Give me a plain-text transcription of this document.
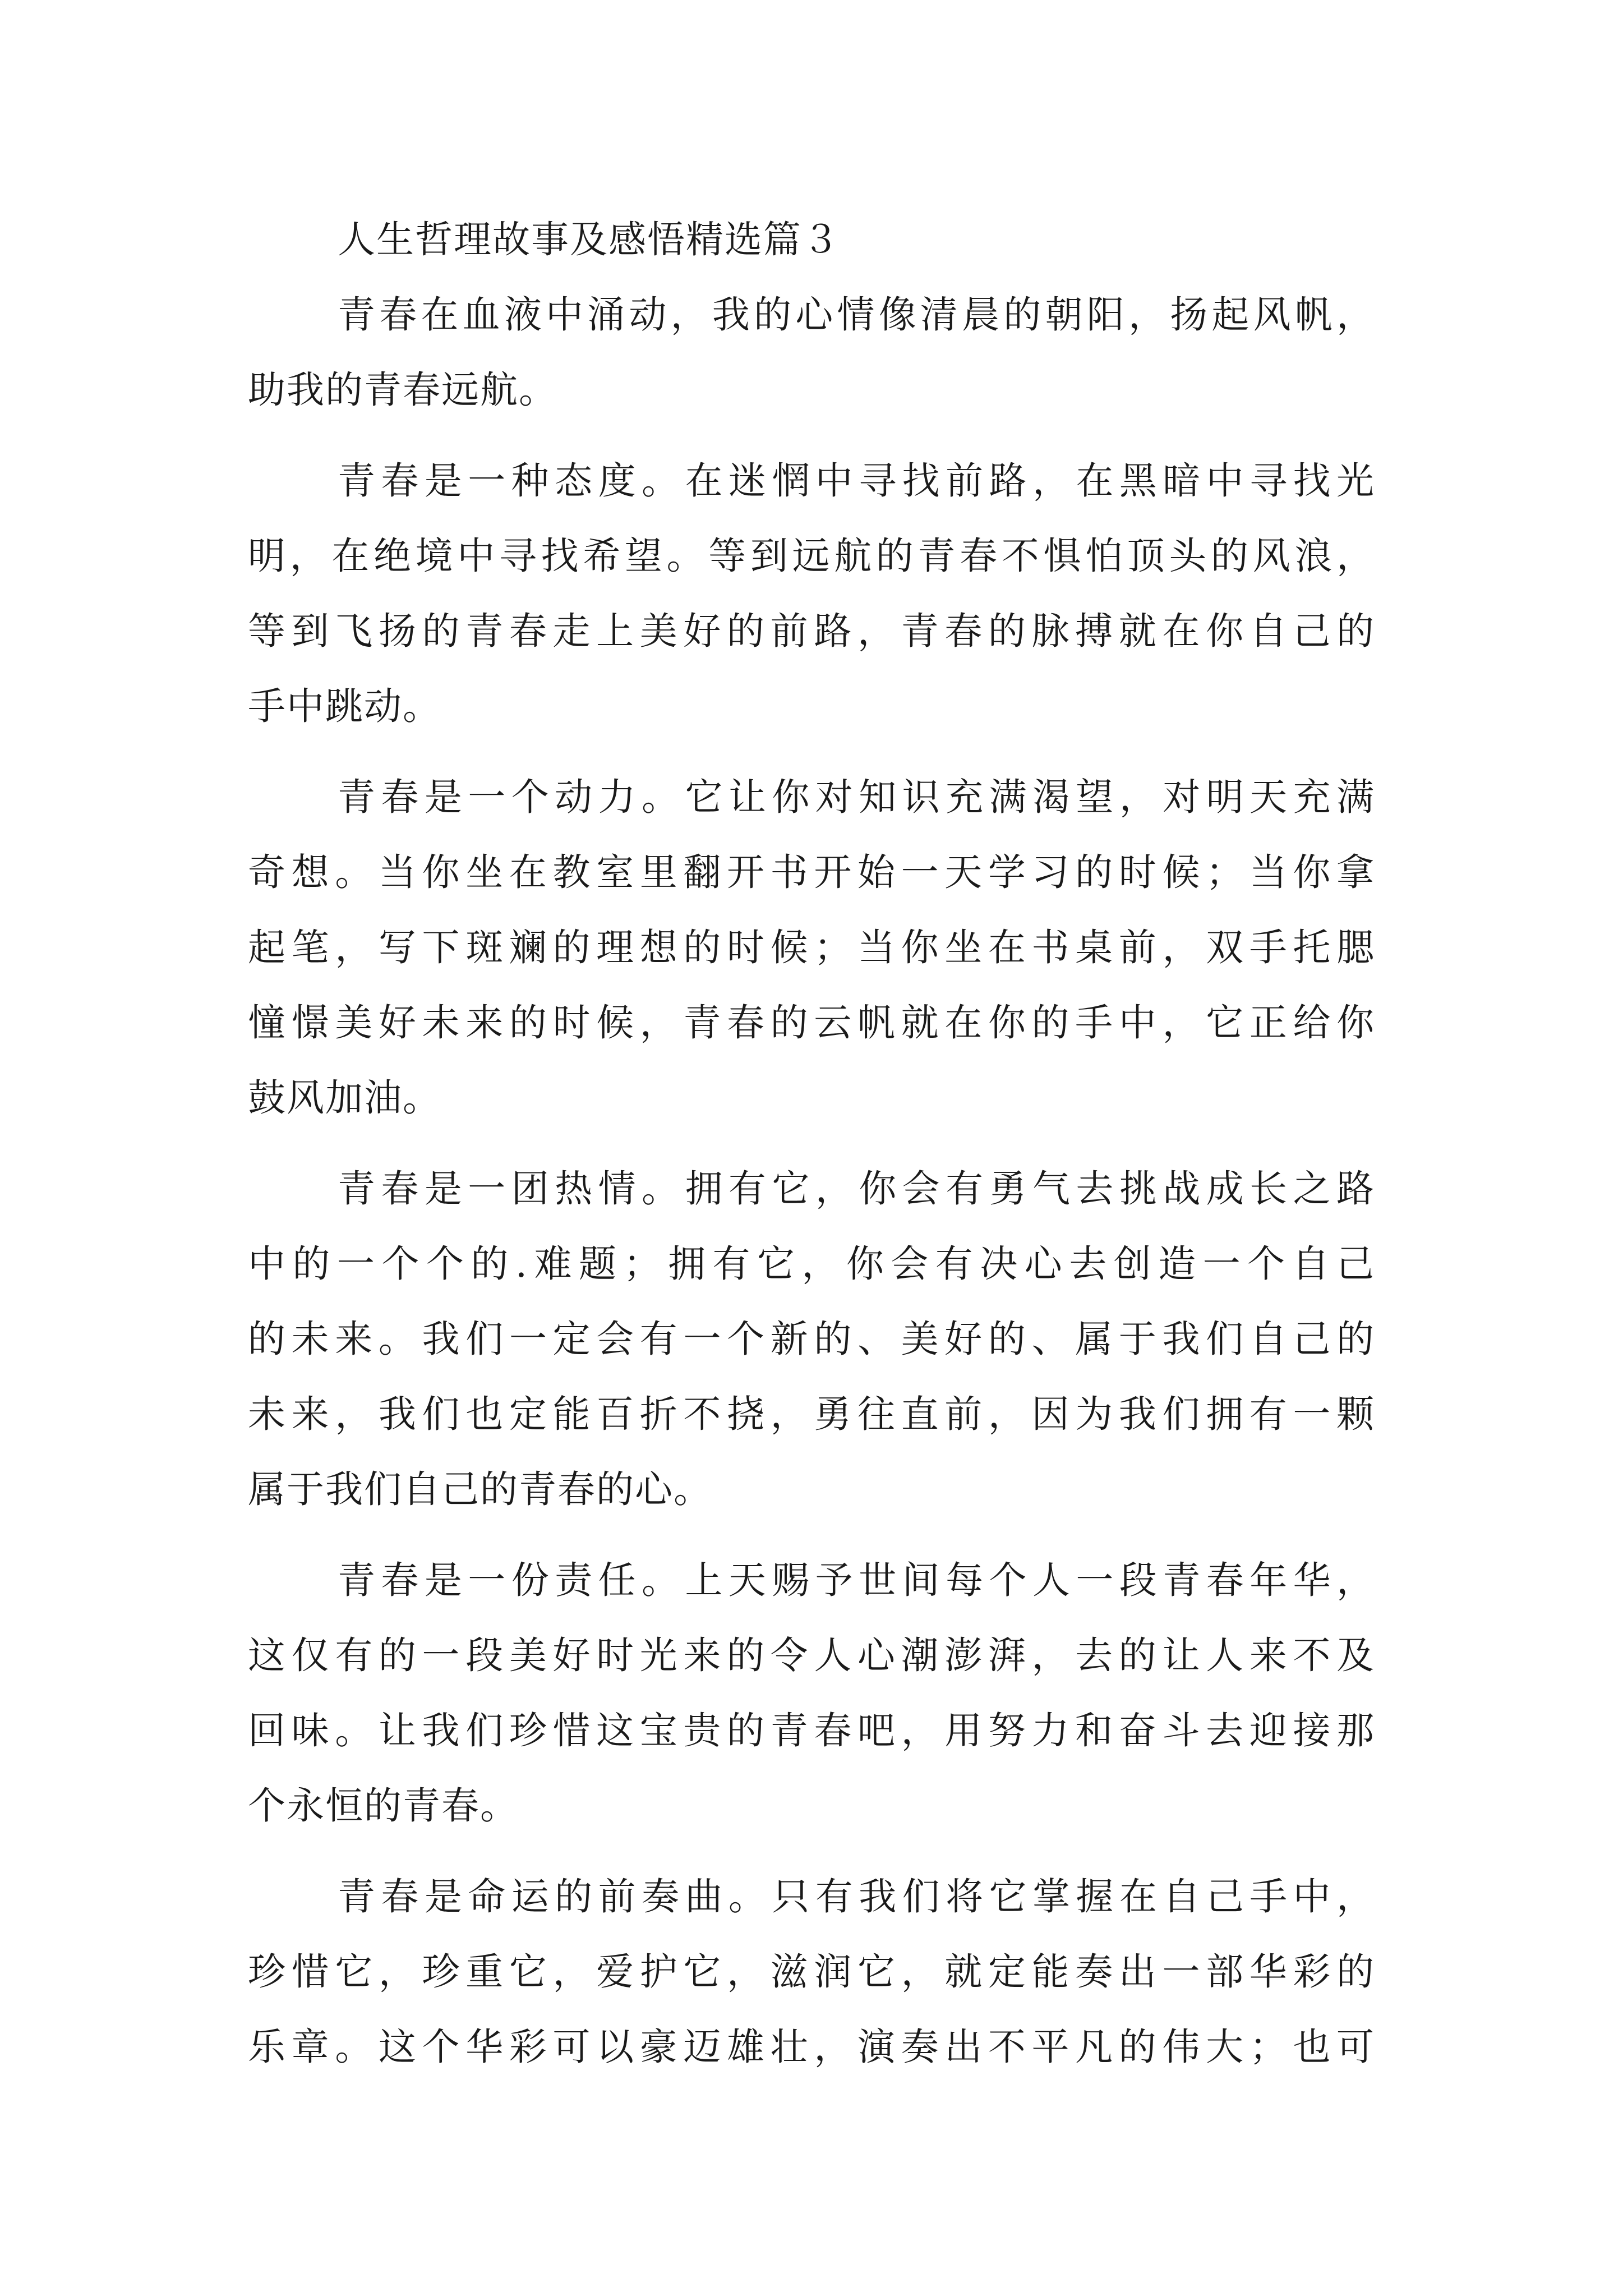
人生哲理故事及感悟精选篇３
青春在血液中涌动，我的心情像清晨的朝阳，扬起风帆，
助我的青春远航。
青春是一种态度。在迷惘中寻找前路，在黑暗中寻找光
明，在绝境中寻找希望。等到远航的青春不惧怕顶头的风浪，
等到飞扬的青春走上美好的前路，青春的脉搏就在你自己的
手中跳动。
青春是一个动力。它让你对知识充满渴望，对明天充满
奇想。当你坐在教室里翻开书开始一天学习的时候；当你拿
起笔，写下斑斓的理想的时候；当你坐在书桌前，双手托腮
憧憬美好未来的时候，青春的云帆就在你的手中，它正给你
鼓风加油。
青春是一团热情。拥有它，你会有勇气去挑战成长之路
中的一个个的.难题；拥有它，你会有决心去创造一个自己
的未来。我们一定会有一个新的、美好的、属于我们自己的
未来，我们也定能百折不挠，勇往直前，因为我们拥有一颗
属于我们自己的青春的心。
青春是一份责任。上天赐予世间每个人一段青春年华，
这仅有的一段美好时光来的令人心潮澎湃，去的让人来不及
回味。让我们珍惜这宝贵的青春吧，用努力和奋斗去迎接那
个永恒的青春。
青春是命运的前奏曲。只有我们将它掌握在自己手中，
珍惜它，珍重它，爱护它，滋润它，就定能奏出一部华彩的
乐章。这个华彩可以豪迈雄壮，演奏出不平凡的伟大；也可
